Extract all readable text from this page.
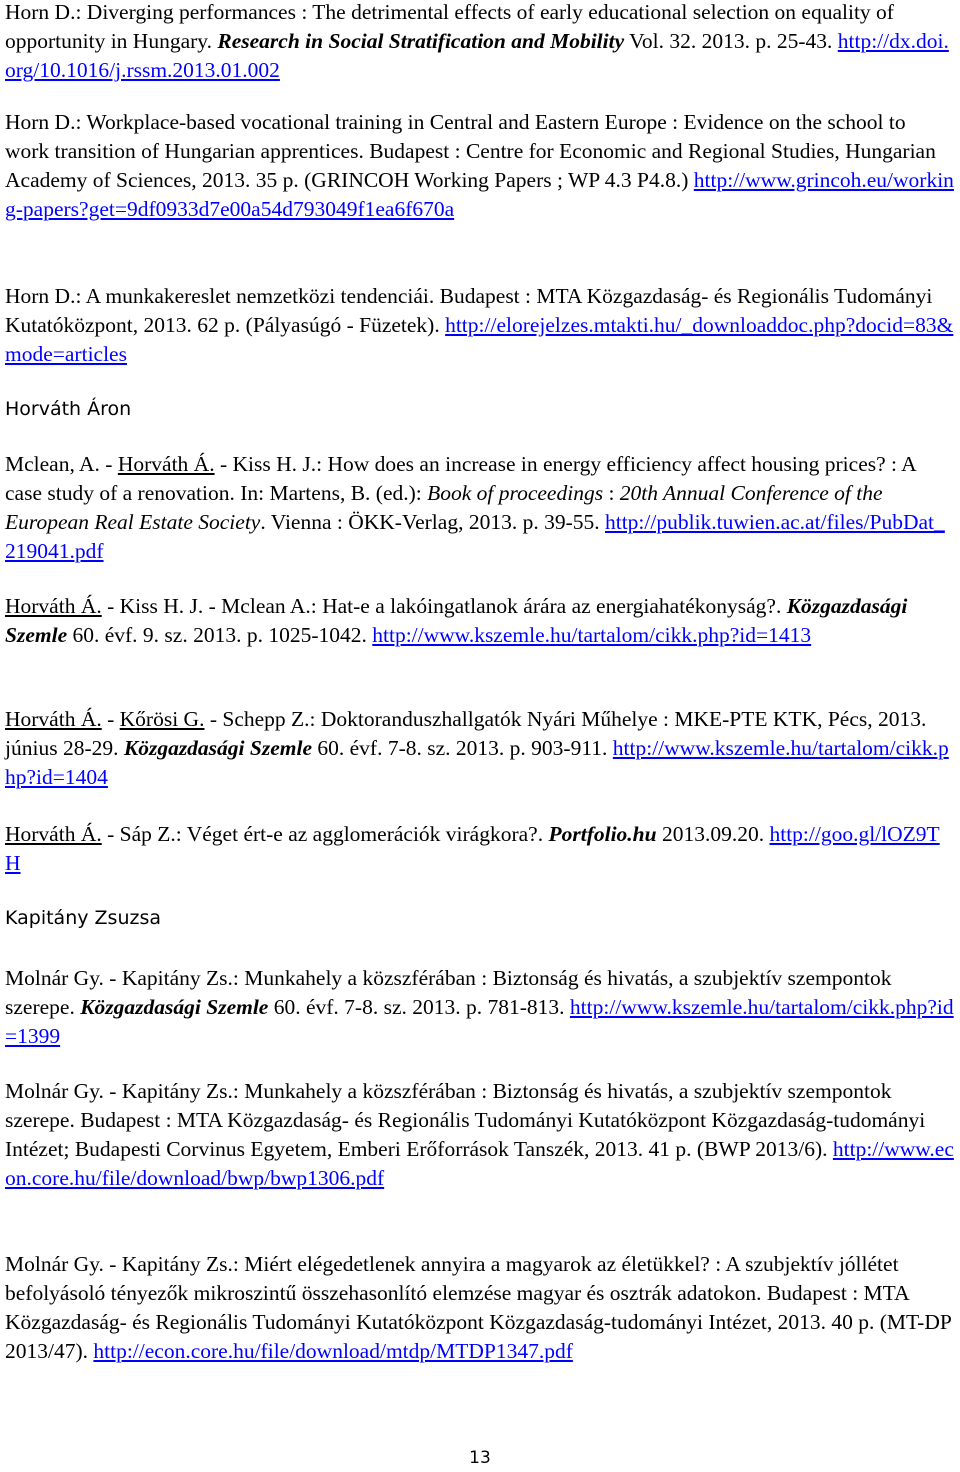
Horn D.: Diverging performances : The detrimental effects of early educational selection on equality of opportunity in Hungary. Research in Social Stratification and Mobility Vol. 32. 2013. p. 25-43. http://dx.doi.org/10.1016/j.rssm.2013.01.002

Horn D.: Workplace-based vocational training in Central and Eastern Europe : Evidence on the school to work transition of Hungarian apprentices. Budapest : Centre for Economic and Regional Studies, Hungarian Academy of Sciences, 2013. 35 p. (GRINCOH Working Papers ; WP 4.3 P4.8.) http://www.grincoh.eu/working-papers?get=9df0933d7e00a54d793049f1ea6f670a

Horn D.: A munkakereslet nemzetközi tendenciái. Budapest : MTA Közgazdaság- és Regionális Tudományi Kutatóközpont, 2013. 62 p. (Pályasúgó - Füzetek). http://elorejelzes.mtakti.hu/_downloaddoc.php?docid=83&mode=articles

Horváth Áron

Mclean, A. - Horváth Á. - Kiss H. J.: How does an increase in energy efficiency affect housing prices? : A case study of a renovation. In: Martens, B. (ed.): Book of proceedings : 20th Annual Conference of the European Real Estate Society. Vienna : ÖKK-Verlag, 2013. p. 39-55. http://publik.tuwien.ac.at/files/PubDat_219041.pdf

Horváth Á. - Kiss H. J. - Mclean A.: Hat-e a lakóingatlanok árára az energiahatékonyság?. Közgazdasági Szemle 60. évf. 9. sz. 2013. p. 1025-1042. http://www.kszemle.hu/tartalom/cikk.php?id=1413

Horváth Á. - Kőrösi G. - Schepp Z.: Doktoranduszhallgatók Nyári Műhelye : MKE-PTE KTK, Pécs, 2013. június 28-29. Közgazdasági Szemle 60. évf. 7-8. sz. 2013. p. 903-911. http://www.kszemle.hu/tartalom/cikk.php?id=1404

Horváth Á. - Sáp Z.: Véget ért-e az agglomerációk virágkora?. Portfolio.hu 2013.09.20. http://goo.gl/lOZ9TH

Kapitány Zsuzsa

Molnár Gy. - Kapitány Zs.: Munkahely a közszférában : Biztonság és hivatás, a szubjektív szempontok szerepe. Közgazdasági Szemle 60. évf. 7-8. sz. 2013. p. 781-813. http://www.kszemle.hu/tartalom/cikk.php?id=1399

Molnár Gy. - Kapitány Zs.: Munkahely a közszférában : Biztonság és hivatás, a szubjektív szempontok szerepe. Budapest : MTA Közgazdaság- és Regionális Tudományi Kutatóközpont Közgazdaság-tudományi Intézet; Budapesti Corvinus Egyetem, Emberi Erőforrások Tanszék, 2013. 41 p. (BWP 2013/6). http://www.econ.core.hu/file/download/bwp/bwp1306.pdf

Molnár Gy. - Kapitány Zs.: Miért elégedetlenek annyira a magyarok az életükkel? : A szubjektív jóllétet befolyásoló tényezők mikroszintű összehasonlító elemzése magyar és osztrák adatokon. Budapest : MTA Közgazdaság- és Regionális Tudományi Kutatóközpont Közgazdaság-tudományi Intézet, 2013. 40 p. (MT-DP 2013/47). http://econ.core.hu/file/download/mtdp/MTDP1347.pdf

13
